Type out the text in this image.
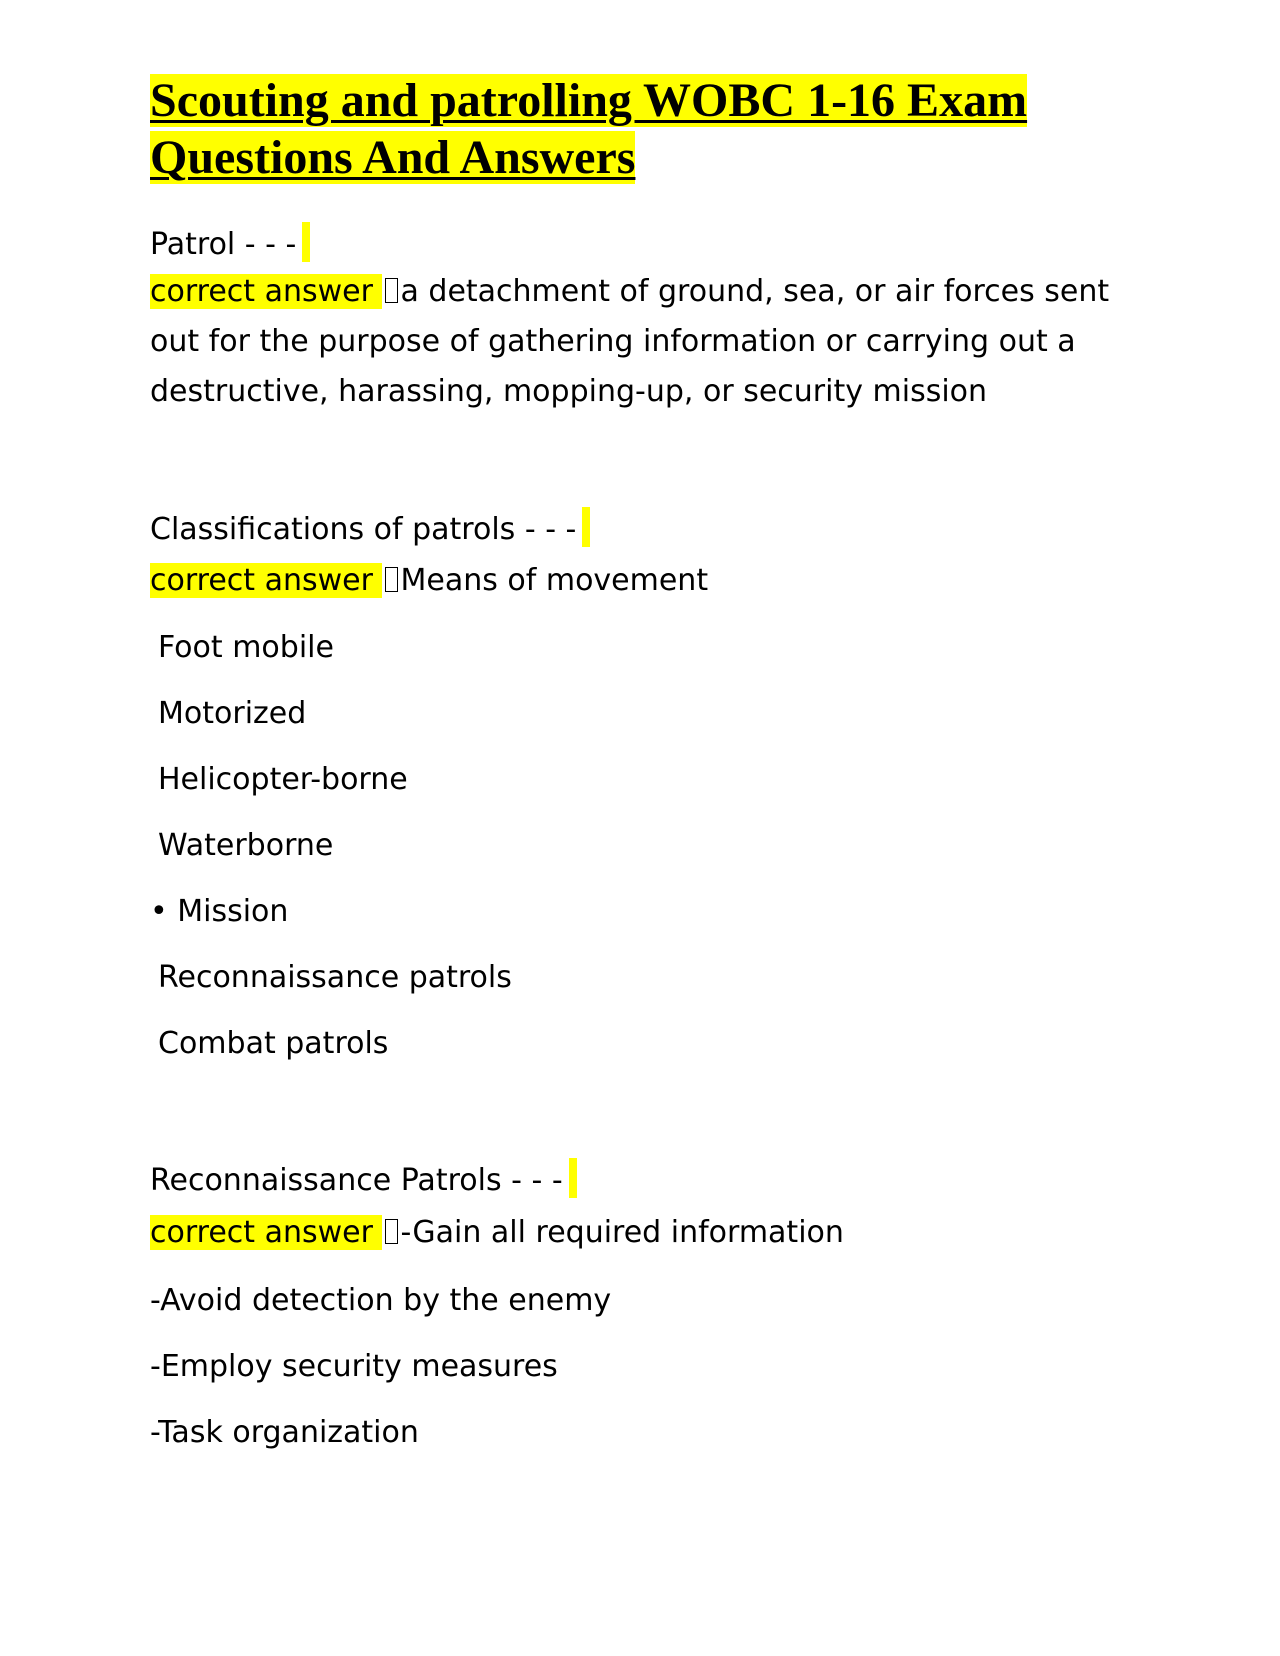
Scouting and patrolling WOBC 1-16 Exam
Questions And Answers
Patrol - - -
correct answer a detachment of ground, sea, or air forces sent out for the purpose of gathering information or carrying out a destructive, harassing, mopping-up, or security mission
Classifications of patrols - - -
correct answer Means of movement
Foot mobile
Motorized
Helicopter-borne
Waterborne
• Mission
Reconnaissance patrols
Combat patrols
Reconnaissance Patrols - - -
correct answer -Gain all required information
-Avoid detection by the enemy
-Employ security measures
-Task organization
